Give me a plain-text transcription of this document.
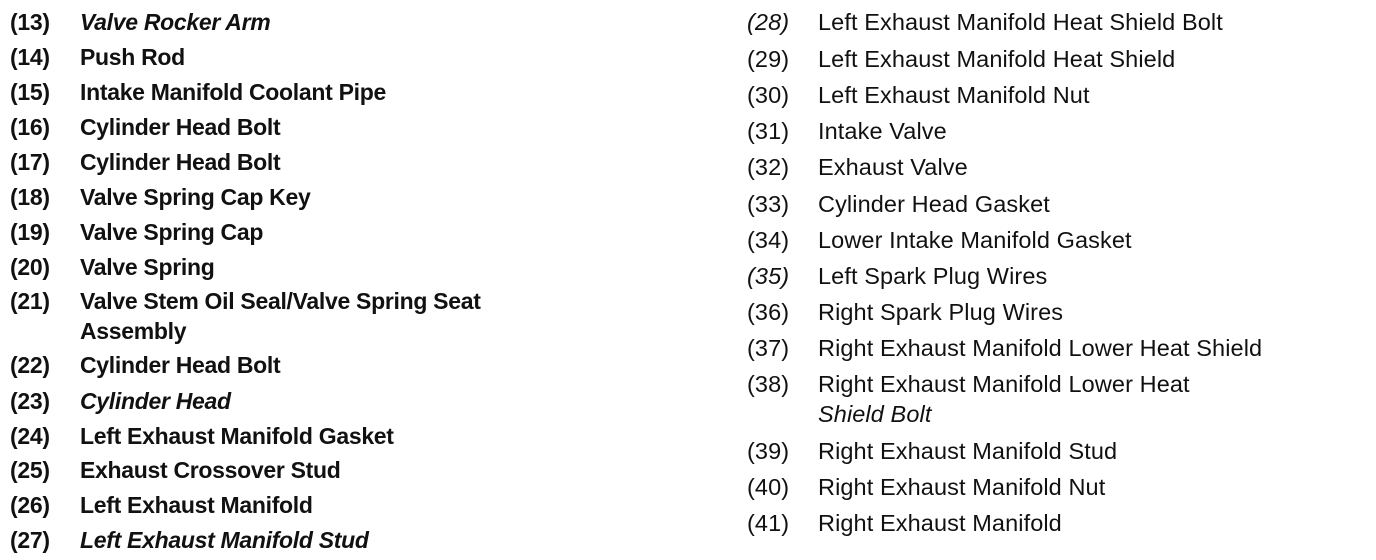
(13) Valve Rocker Arm
(14) Push Rod
(15) Intake Manifold Coolant Pipe
(16) Cylinder Head Bolt
(17) Cylinder Head Bolt
(18) Valve Spring Cap Key
(19) Valve Spring Cap
(20) Valve Spring
(21) Valve Stem Oil Seal/Valve Spring Seat
Assembly
(22) Cylinder Head Bolt
(23) Cylinder Head
(24) Left Exhaust Manifold Gasket
(25) Exhaust Crossover Stud
(26) Left Exhaust Manifold
(27) Left Exhaust Manifold Stud
(28) Left Exhaust Manifold Heat Shield Bolt
(29) Left Exhaust Manifold Heat Shield
(30) Left Exhaust Manifold Nut
(31) Intake Valve
(32) Exhaust Valve
(33) Cylinder Head Gasket
(34) Lower Intake Manifold Gasket
(35) Left Spark Plug Wires
(36) Right Spark Plug Wires
(37) Right Exhaust Manifold Lower Heat Shield
(38) Right Exhaust Manifold Lower Heat
Shield Bolt
(39) Right Exhaust Manifold Stud
(40) Right Exhaust Manifold Nut
(41) Right Exhaust Manifold
